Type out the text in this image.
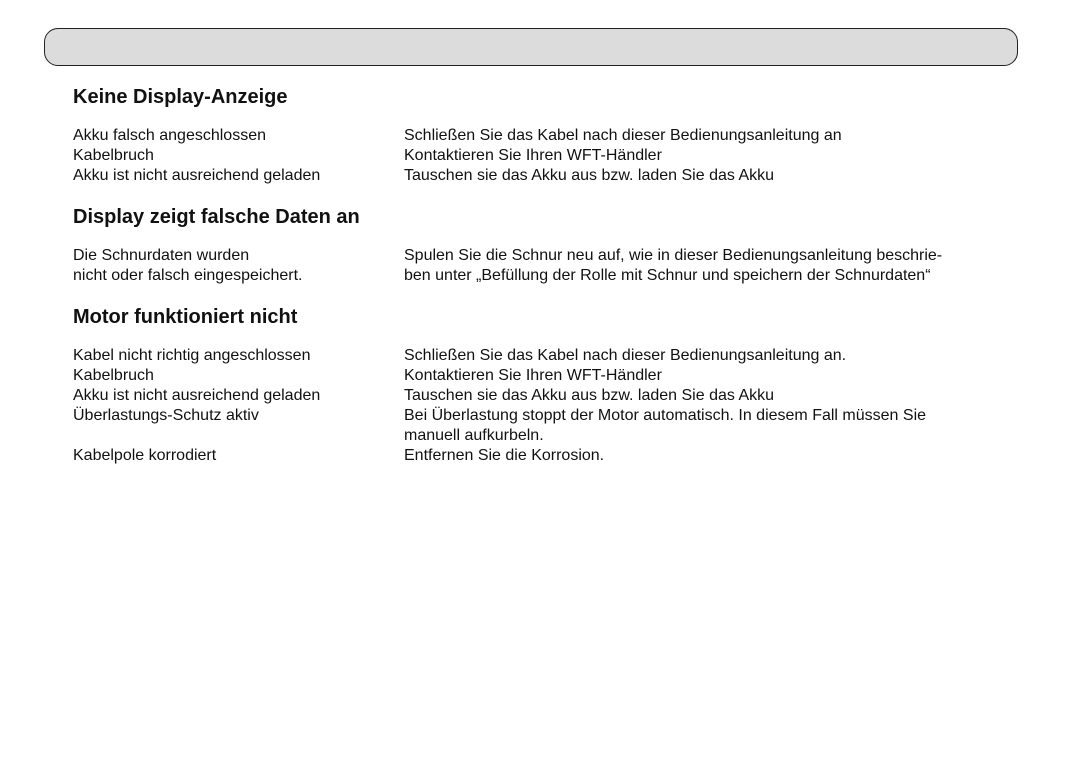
Keine Display-Anzeige
Akku falsch angeschlossen	Schließen Sie das Kabel nach dieser Bedienungsanleitung an
Kabelbruch	Kontaktieren Sie Ihren WFT-Händler
Akku ist nicht ausreichend geladen	Tauschen sie das Akku aus bzw. laden Sie das Akku
Display zeigt falsche Daten an
Die Schnurdaten wurden	Spulen Sie die Schnur neu auf, wie in dieser Bedienungsanleitung beschrie-
nicht oder falsch eingespeichert.	ben unter „Befüllung der Rolle mit Schnur und speichern der Schnurdaten“
Motor funktioniert nicht
Kabel nicht richtig angeschlossen	Schließen Sie das Kabel nach dieser Bedienungsanleitung an.
Kabelbruch	Kontaktieren Sie Ihren WFT-Händler
Akku ist nicht ausreichend geladen	Tauschen sie das Akku aus bzw. laden Sie das Akku
Überlastungs-Schutz aktiv	Bei Überlastung stoppt der Motor automatisch. In diesem Fall müssen Sie
manuell aufkurbeln.
Kabelpole korrodiert	Entfernen Sie die Korrosion.
